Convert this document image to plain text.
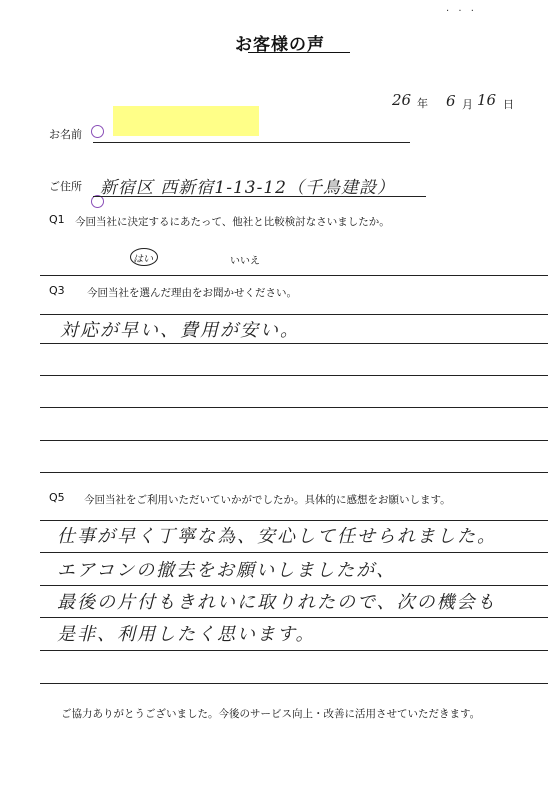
· · ·
お客様の声
26 年 6 月 16 日
お名前
ご住所 新宿区 西新宿1-13-12（千鳥建設）
Q1 今回当社に決定するにあたって、他社と比較検討なさいましたか。
はい	いいえ
Q3 今回当社を選んだ理由をお聞かせください。
対応が早い、費用が安い。
Q5 今回当社をご利用いただいていかがでしたか。具体的に感想をお願いします。
仕事が早く丁寧な為、安心して任せられました。
エアコンの撤去をお願いしましたが、
最後の片付もきれいに取りれたので、次の機会も
是非、利用したく思います。
ご協力ありがとうございました。今後のサービス向上・改善に活用させていただきます。
